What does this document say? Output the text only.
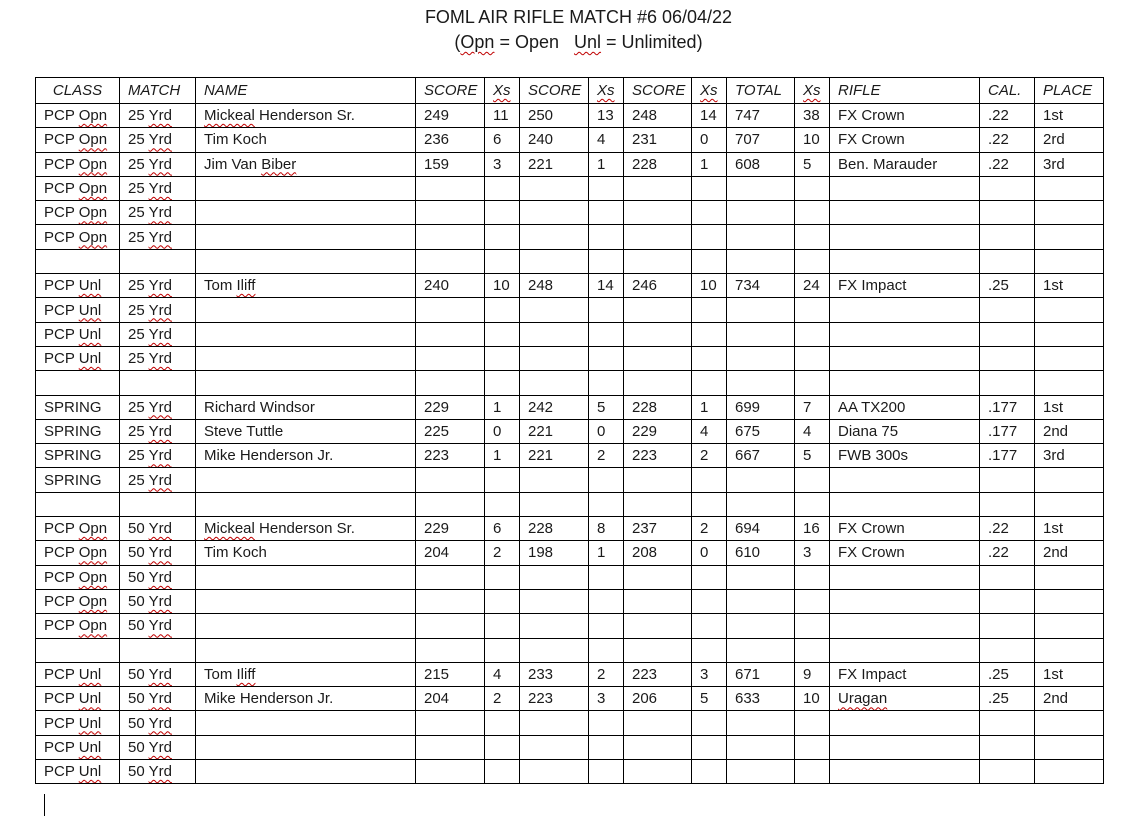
FOML AIR RIFLE MATCH #6 06/04/22
(Opn = Open   Unl = Unlimited)
CLASS	MATCH	NAME	SCORE	Xs	SCORE	Xs	SCORE	Xs	TOTAL	Xs	RIFLE	CAL.	PLACE
PCP Opn	25 Yrd	Mickeal Henderson Sr.	249	11	250	13	248	14	747	38	FX Crown	.22	1st
PCP Opn	25 Yrd	Tim Koch	236	6	240	4	231	0	707	10	FX Crown	.22	2rd
PCP Opn	25 Yrd	Jim Van Biber	159	3	221	1	228	1	608	5	Ben. Marauder	.22	3rd
PCP Opn	25 Yrd												
PCP Opn	25 Yrd												
PCP Opn	25 Yrd												

PCP Unl	25 Yrd	Tom Iliff	240	10	248	14	246	10	734	24	FX Impact	.25	1st
PCP Unl	25 Yrd												
PCP Unl	25 Yrd												
PCP Unl	25 Yrd												

SPRING	25 Yrd	Richard Windsor	229	1	242	5	228	1	699	7	AA TX200	.177	1st
SPRING	25 Yrd	Steve Tuttle	225	0	221	0	229	4	675	4	Diana 75	.177	2nd
SPRING	25 Yrd	Mike Henderson Jr.	223	1	221	2	223	2	667	5	FWB 300s	.177	3rd
SPRING	25 Yrd												

PCP Opn	50 Yrd	Mickeal Henderson Sr.	229	6	228	8	237	2	694	16	FX Crown	.22	1st
PCP Opn	50 Yrd	Tim Koch	204	2	198	1	208	0	610	3	FX Crown	.22	2nd
PCP Opn	50 Yrd												
PCP Opn	50 Yrd												
PCP Opn	50 Yrd												

PCP Unl	50 Yrd	Tom Iliff	215	4	233	2	223	3	671	9	FX Impact	.25	1st
PCP Unl	50 Yrd	Mike Henderson Jr.	204	2	223	3	206	5	633	10	Uragan	.25	2nd
PCP Unl	50 Yrd												
PCP Unl	50 Yrd												
PCP Unl	50 Yrd												
